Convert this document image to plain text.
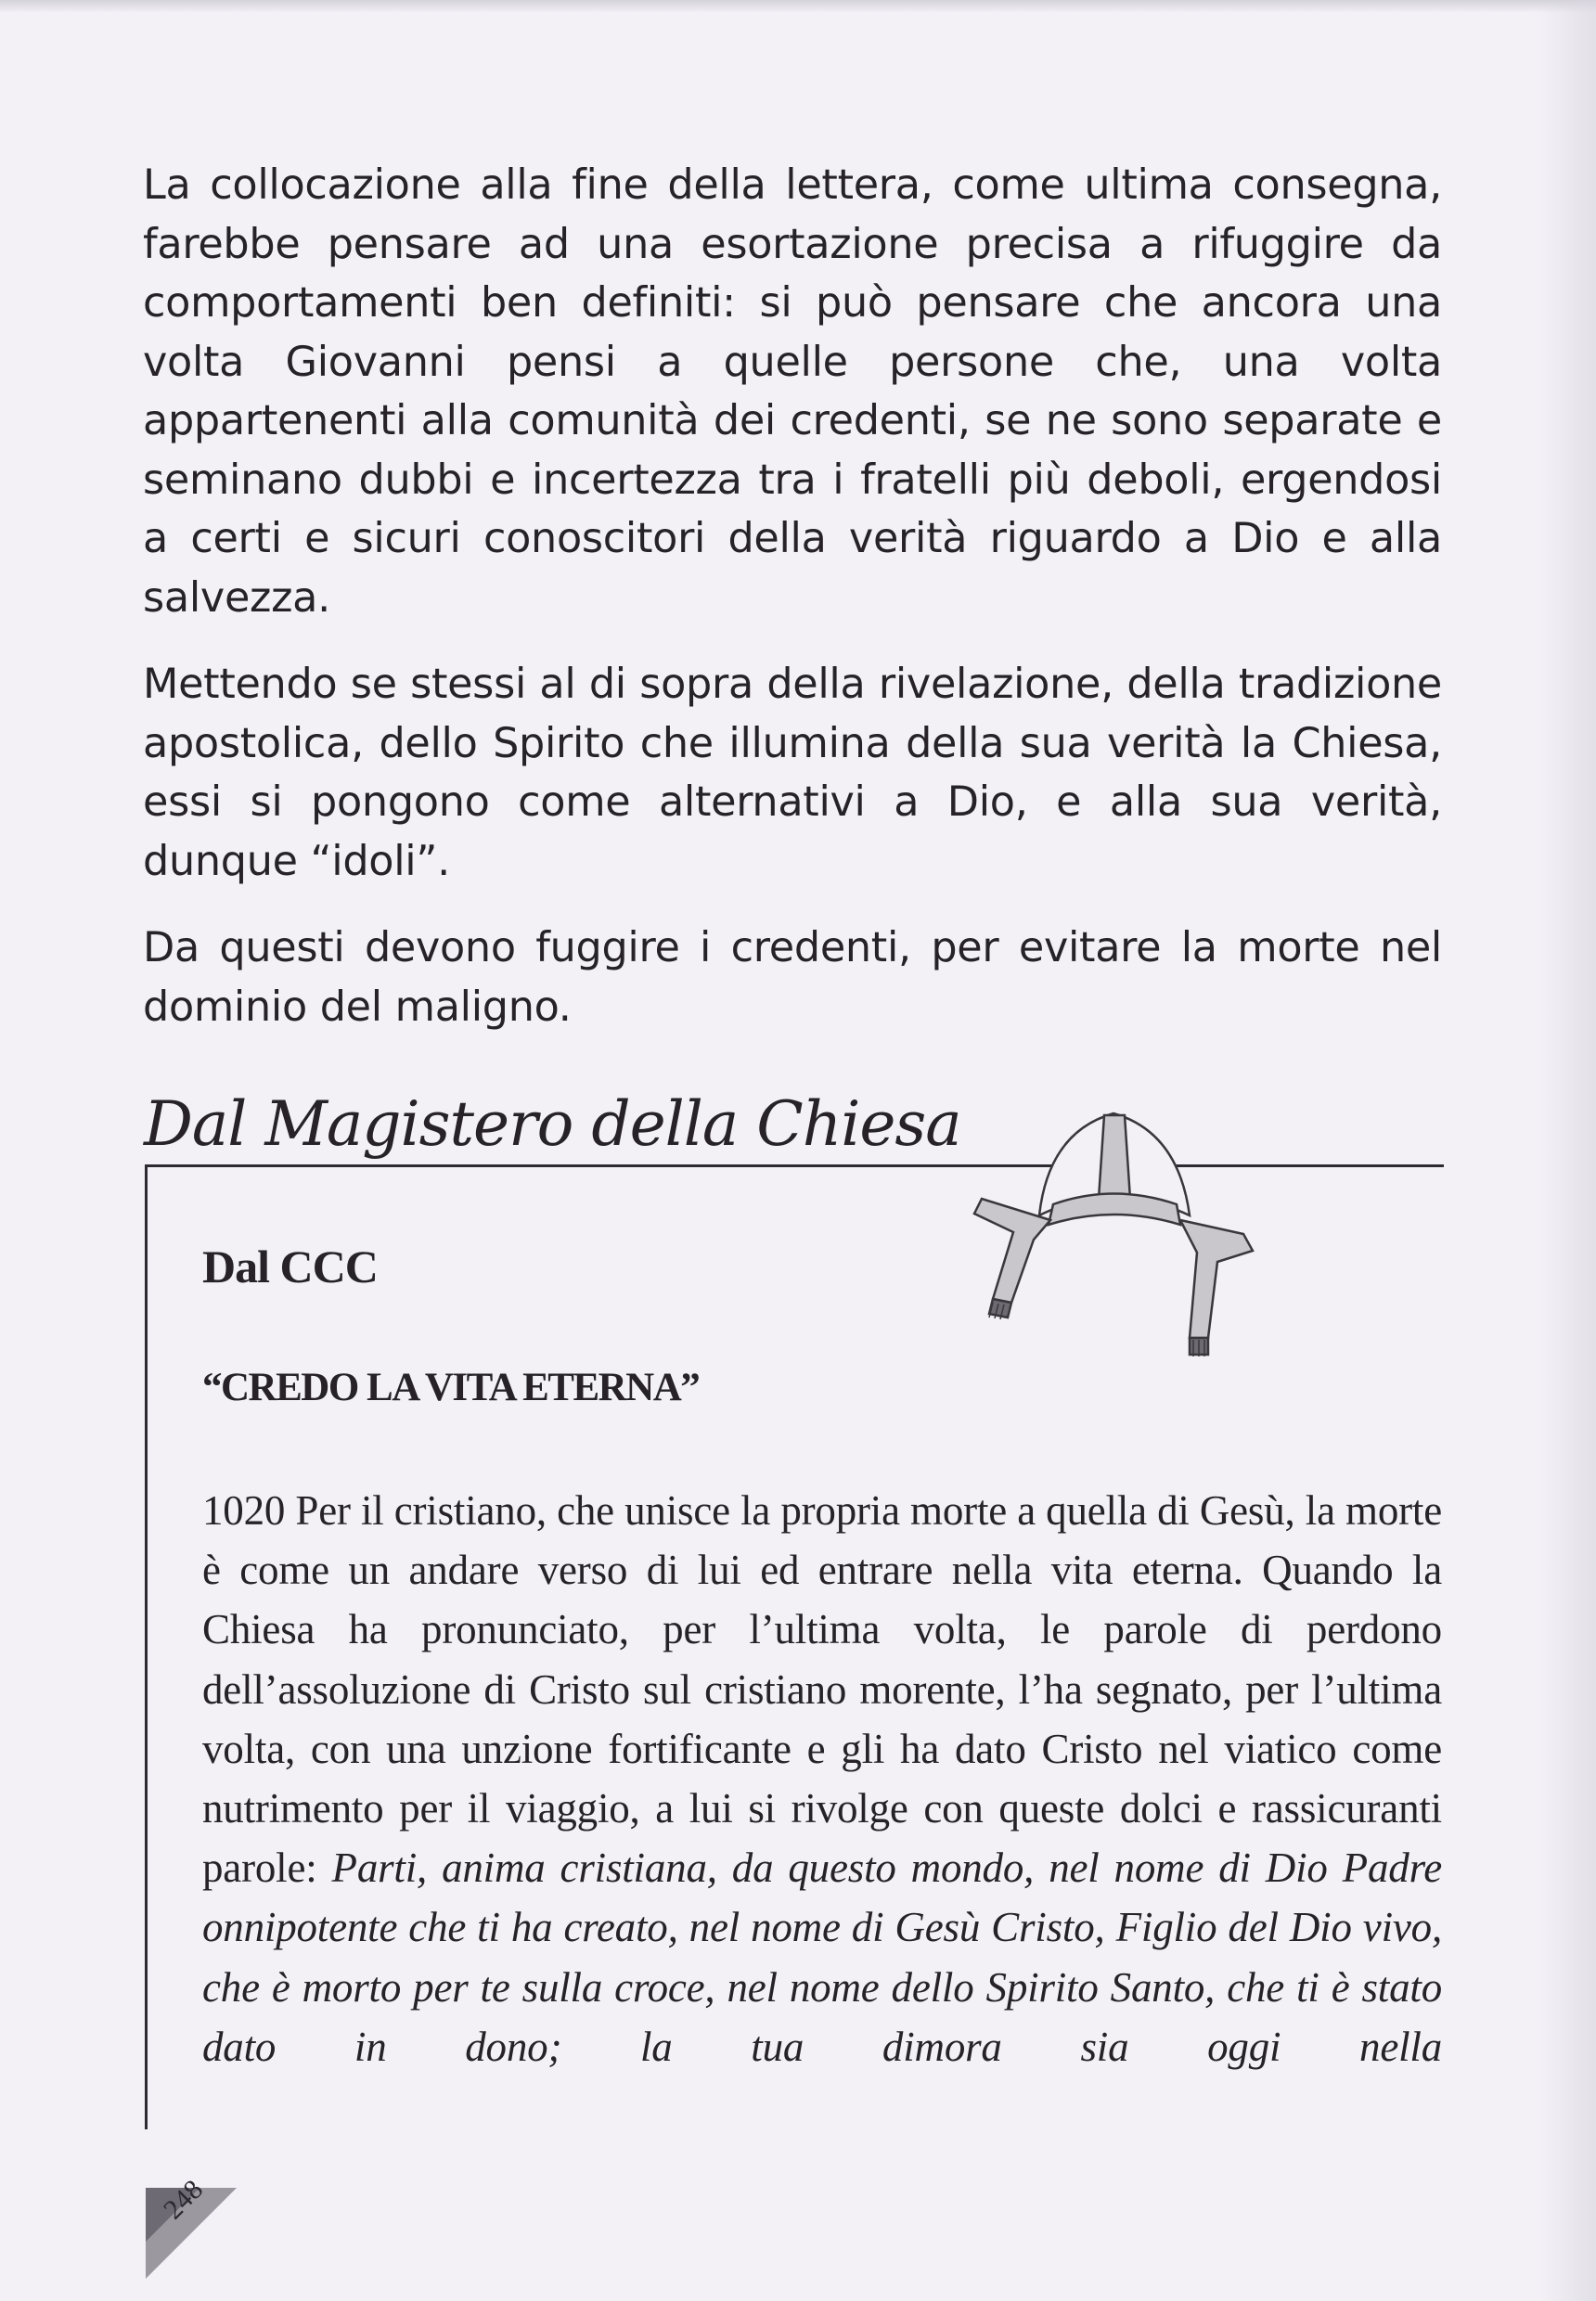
La collocazione alla fine della lettera, come ultima consegna, farebbe pensare ad una esortazione precisa a rifuggire da comportamenti ben definiti: si può pensare che ancora una volta Giovanni pensi a quelle persone che, una volta appartenenti alla comunità dei credenti, se ne sono separate e seminano dubbi e incertezza tra i fratelli più deboli, ergendosi a certi e sicuri conoscitori della verità riguardo a Dio e alla salvezza.

Mettendo se stessi al di sopra della rivelazione, della tradizione apostolica, dello Spirito che illumina della sua verità la Chiesa, essi si pongono come alternativi a Dio, e alla sua verità, dunque “idoli”.

Da questi devono fuggire i credenti, per evitare la morte nel dominio del maligno.

Dal Magistero della Chiesa
Dal CCC
“CREDO LA VITA ETERNA”
1020 Per il cristiano, che unisce la propria morte a quella di Gesù, la morte è come un andare verso di lui ed entrare nella vita eterna. Quando la Chiesa ha pronunciato, per l’ultima volta, le parole di perdono dell’assoluzione di Cristo sul cristiano morente, l’ha segnato, per l’ultima volta, con una unzione fortificante e gli ha dato Cristo nel viatico come nutrimento per il viaggio, a lui si rivolge con queste dolci e rassicuranti parole: Parti, anima cristiana, da questo mondo, nel nome di Dio Padre onnipotente che ti ha creato, nel nome di Gesù Cristo, Figlio del Dio vivo, che è morto per te sulla croce, nel nome dello Spirito Santo, che ti è stato dato in dono; la tua dimora sia oggi nella
248
